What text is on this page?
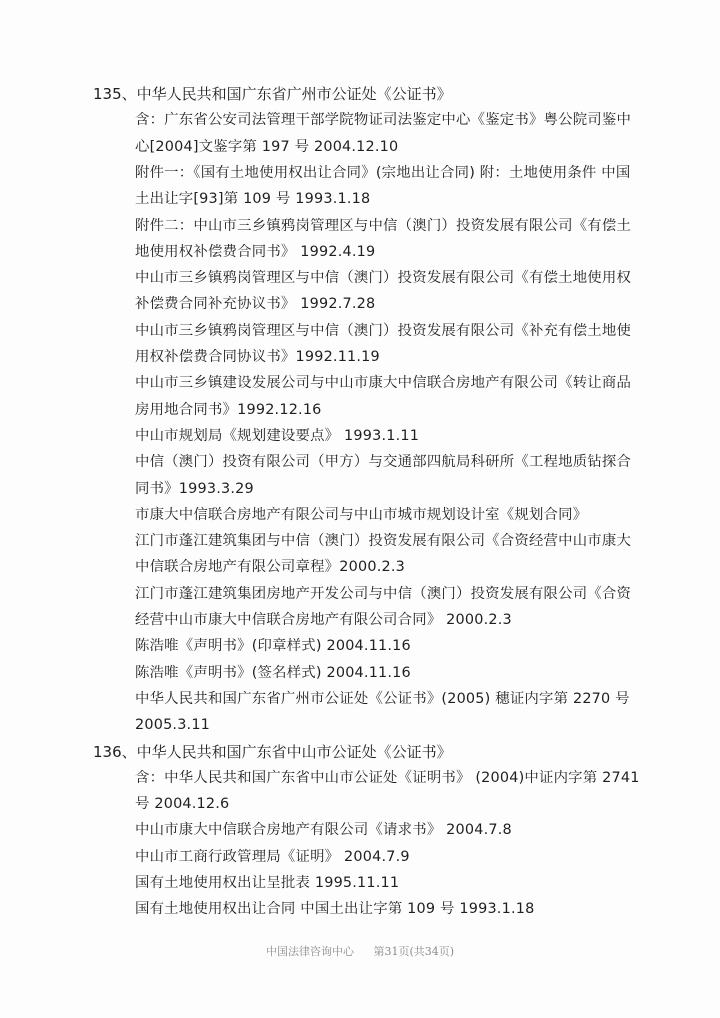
135、中华人民共和国广东省广州市公证处《公证书》
含：广东省公安司法管理干部学院物证司法鉴定中心《鉴定书》粤公院司鉴中
心[2004]文鉴字第 197 号 2004.12.10
附件一：《国有土地使用权出让合同》(宗地出让合同) 附：土地使用条件 中国
土出让字[93]第 109 号 1993.1.18
附件二：中山市三乡镇鸦岗管理区与中信（澳门）投资发展有限公司《有偿土
地使用权补偿费合同书》 1992.4.19
中山市三乡镇鸦岗管理区与中信（澳门）投资发展有限公司《有偿土地使用权
补偿费合同补充协议书》 1992.7.28
中山市三乡镇鸦岗管理区与中信（澳门）投资发展有限公司《补充有偿土地使
用权补偿费合同协议书》1992.11.19
中山市三乡镇建设发展公司与中山市康大中信联合房地产有限公司《转让商品
房用地合同书》1992.12.16
中山市规划局《规划建设要点》 1993.1.11
中信（澳门）投资有限公司（甲方）与交通部四航局科研所《工程地质钻探合
同书》1993.3.29
市康大中信联合房地产有限公司与中山市城市规划设计室《规划合同》
江门市蓬江建筑集团与中信（澳门）投资发展有限公司《合资经营中山市康大
中信联合房地产有限公司章程》2000.2.3
江门市蓬江建筑集团房地产开发公司与中信（澳门）投资发展有限公司《合资
经营中山市康大中信联合房地产有限公司合同》 2000.2.3
陈浩唯《声明书》(印章样式) 2004.11.16
陈浩唯《声明书》(签名样式) 2004.11.16
中华人民共和国广东省广州市公证处《公证书》(2005) 穗证内字第 2270 号
2005.3.11
136、中华人民共和国广东省中山市公证处《公证书》
含：中华人民共和国广东省中山市公证处《证明书》 (2004)中证内字第 2741
号 2004.12.6
中山市康大中信联合房地产有限公司《请求书》 2004.7.8
中山市工商行政管理局《证明》 2004.7.9
国有土地使用权出让呈批表 1995.11.11
国有土地使用权出让合同 中国土出让字第 109 号 1993.1.18
中国法律咨询中心 第31页(共34页)
